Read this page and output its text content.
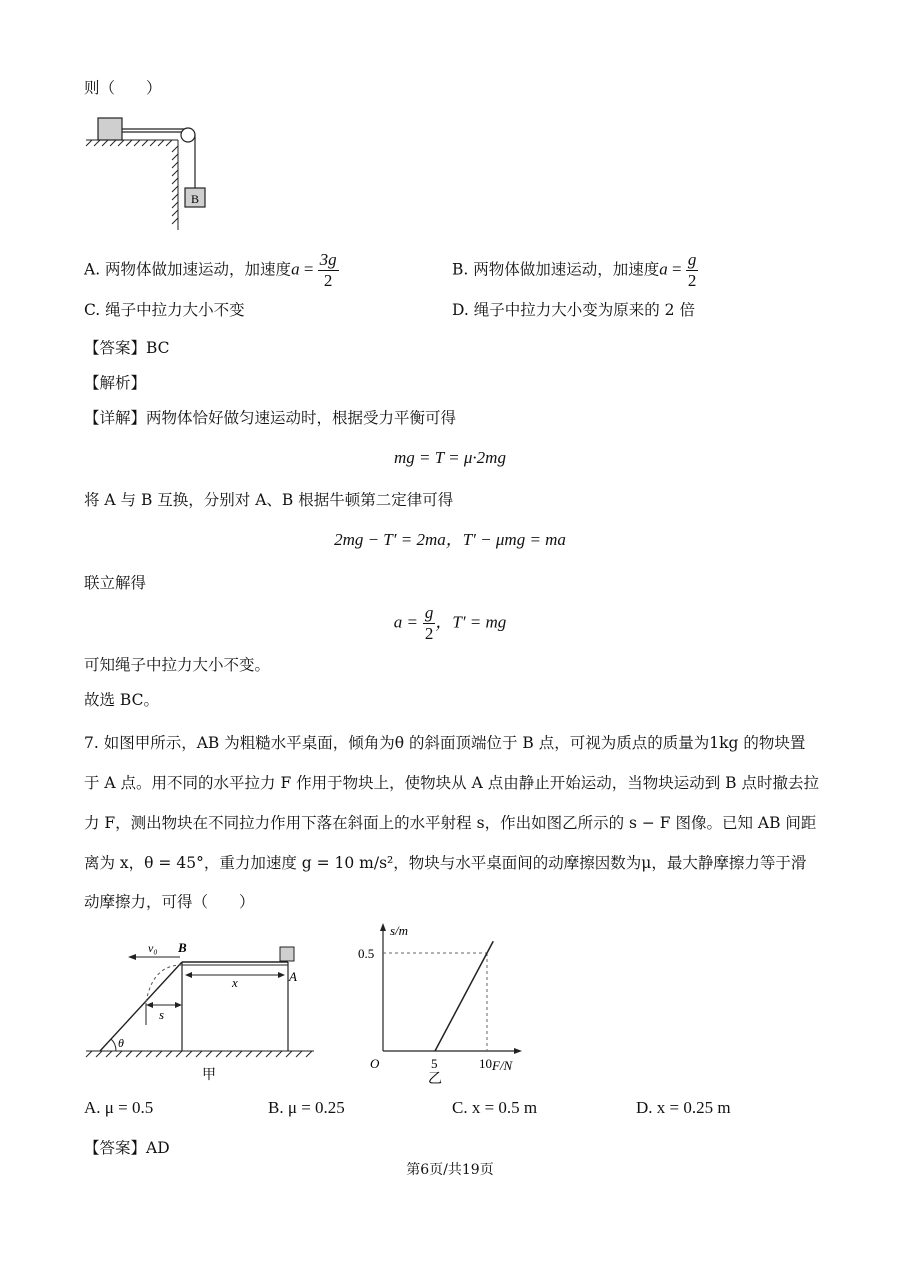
则（　　）
B
A. 两物体做加速运动，加速度$a = \frac{3g}{2}$	B. 两物体做加速运动，加速度$a = \frac{g}{2}$
C. 绳子中拉力大小不变	D. 绳子中拉力大小变为原来的 2 倍
【答案】BC
【解析】
【详解】两物体恰好做匀速运动时，根据受力平衡可得
mg = T = μ·2mg
将 A 与 B 互换，分别对 A、B 根据牛顿第二定律可得
2mg − T′ = 2ma，T′ − μmg = ma
联立解得
$a = \frac{g}{2}$ ，T′ = mg
可知绳子中拉力大小不变。
故选 BC。
7. 如图甲所示，AB 为粗糙水平桌面，倾角为θ 的斜面顶端位于 B 点，可视为质点的质量为1kg 的物块置
于 A 点。用不同的水平拉力 F 作用于物块上，使物块从 A 点由静止开始运动，当物块运动到 B 点时撤去拉
力 F，测出物块在不同拉力作用下落在斜面上的水平射程 s，作出如图乙所示的 s − F 图像。已知 AB 间距
离为 x，θ = 45°，重力加速度 g = 10 m/s²，物块与水平桌面间的动摩擦因数为μ，最大静摩擦力等于滑
动摩擦力，可得（　　）
v₀ B
A
x
s
θ
甲
s/m
F/N
O
0.5
5	10
乙
A. μ = 0.5	B. μ = 0.25	C. x = 0.5 m	D. x = 0.25 m
【答案】AD
第6页/共19页
